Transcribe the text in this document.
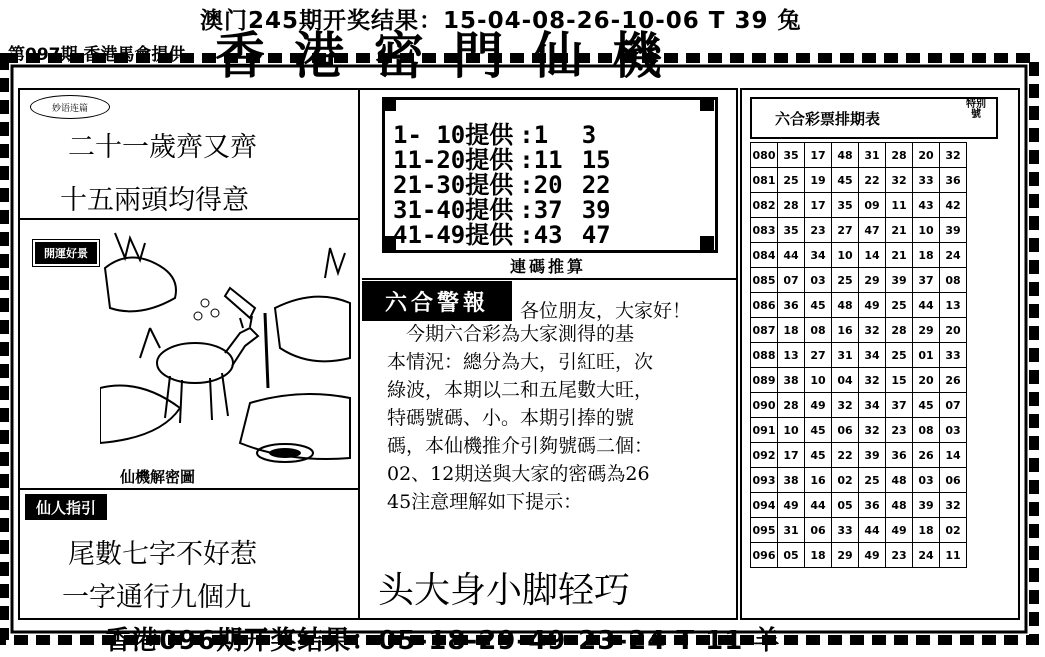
澳门245期开奖结果：15-04-08-26-10-06 T 39 兔
第097期 香港馬會提供 香 港 密 門 仙 機
妙语连篇
二十一歲齊又齊
十五兩頭均得意
開運好景
仙機解密圖
仙人指引
尾數七字不好惹
一字通行九個九
1- 10提供 :1 3
11-20提供 :11 15
21-30提供 :20 22
31-40提供 :37 39
41-49提供 :43 47
連碼推算
六合警報	各位朋友，大家好！
　今期六合彩為大家測得的基
本情況：總分為大，引紅旺，次
綠波，本期以二和五尾數大旺，
特碼號碼、小。本期引捧的號
碼，本仙機推介引夠號碼二個：
02、12期送與大家的密碼為26
45注意理解如下提示：
头大身小脚轻巧
六合彩票排期表
特别號
080	35	17	48	31	28	20	32
081	25	19	45	22	32	33	36
082	28	17	35	09	11	43	42
083	35	23	27	47	21	10	39
084	44	34	10	14	21	18	24
085	07	03	25	29	39	37	08
086	36	45	48	49	25	44	13
087	18	08	16	32	28	29	20
088	13	27	31	34	25	01	33
089	38	10	04	32	15	20	26
090	28	49	32	34	37	45	07
091	10	45	06	32	23	08	03
092	17	45	22	39	36	26	14
093	38	16	02	25	48	03	06
094	49	44	05	36	48	39	32
095	31	06	33	44	49	18	02
096	05	18	29	49	23	24	11
香港096期开奖结果：05-18-29-49-23-24 T 11 羊
